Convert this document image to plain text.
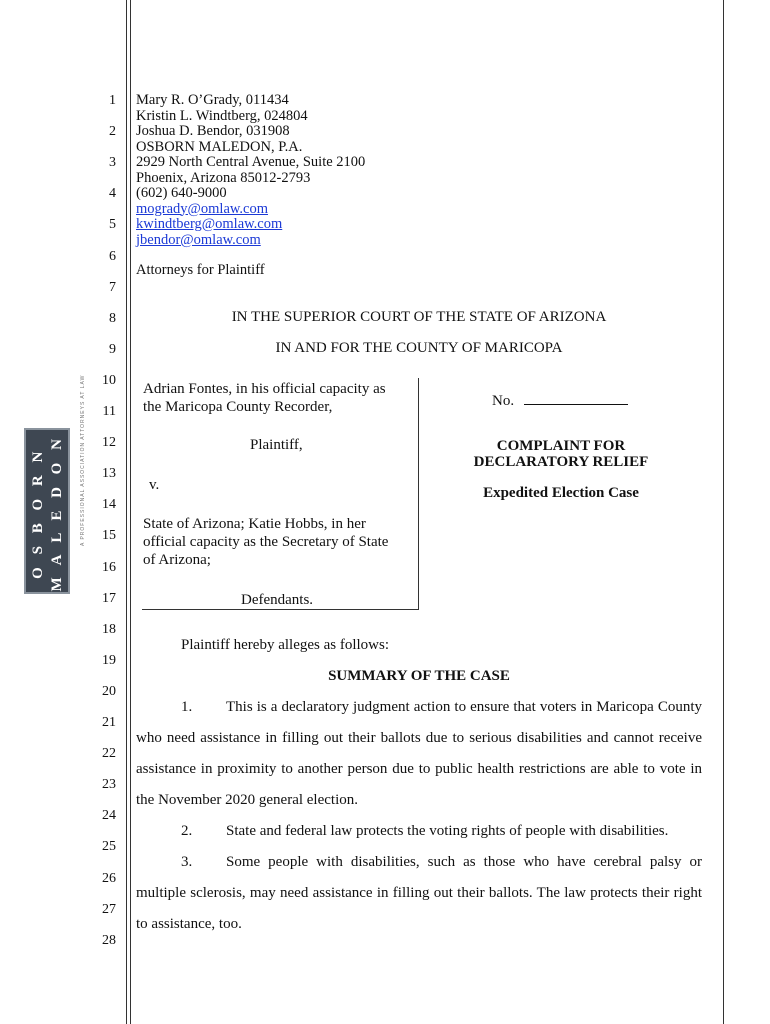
1
2
3
4
5
6
7
8
9
10
11
12
13
14
15
16
17
18
19
20
21
22
23
24
25
26
27
28
O S B O R N M A L E D O N	A PROFESSIONAL ASSOCIATION ATTORNEYS AT LAW
Mary R. O’Grady, 011434
Kristin L. Windtberg, 024804
Joshua D. Bendor, 031908
OSBORN MALEDON, P.A.
2929 North Central Avenue, Suite 2100
Phoenix, Arizona 85012-2793
(602) 640-9000
mogrady@omlaw.com
kwindtberg@omlaw.com
jbendor@omlaw.com
Attorneys for Plaintiff
IN THE SUPERIOR COURT OF THE STATE OF ARIZONA
IN AND FOR THE COUNTY OF MARICOPA
Adrian Fontes, in his official capacity as
the Maricopa County Recorder,
Plaintiff,
v.
State of Arizona; Katie Hobbs, in her
official capacity as the Secretary of State
of Arizona;
Defendants.
No.
COMPLAINT FOR
DECLARATORY RELIEF
Expedited Election Case
Plaintiff hereby alleges as follows:
SUMMARY OF THE CASE
1. This is a declaratory judgment action to ensure that voters in Maricopa County who need assistance in filling out their ballots due to serious disabilities and cannot receive assistance in proximity to another person due to public health restrictions are able to vote in the November 2020 general election.
2. State and federal law protects the voting rights of people with disabilities.
3. Some people with disabilities, such as those who have cerebral palsy or multiple sclerosis, may need assistance in filling out their ballots. The law protects their right to assistance, too.
